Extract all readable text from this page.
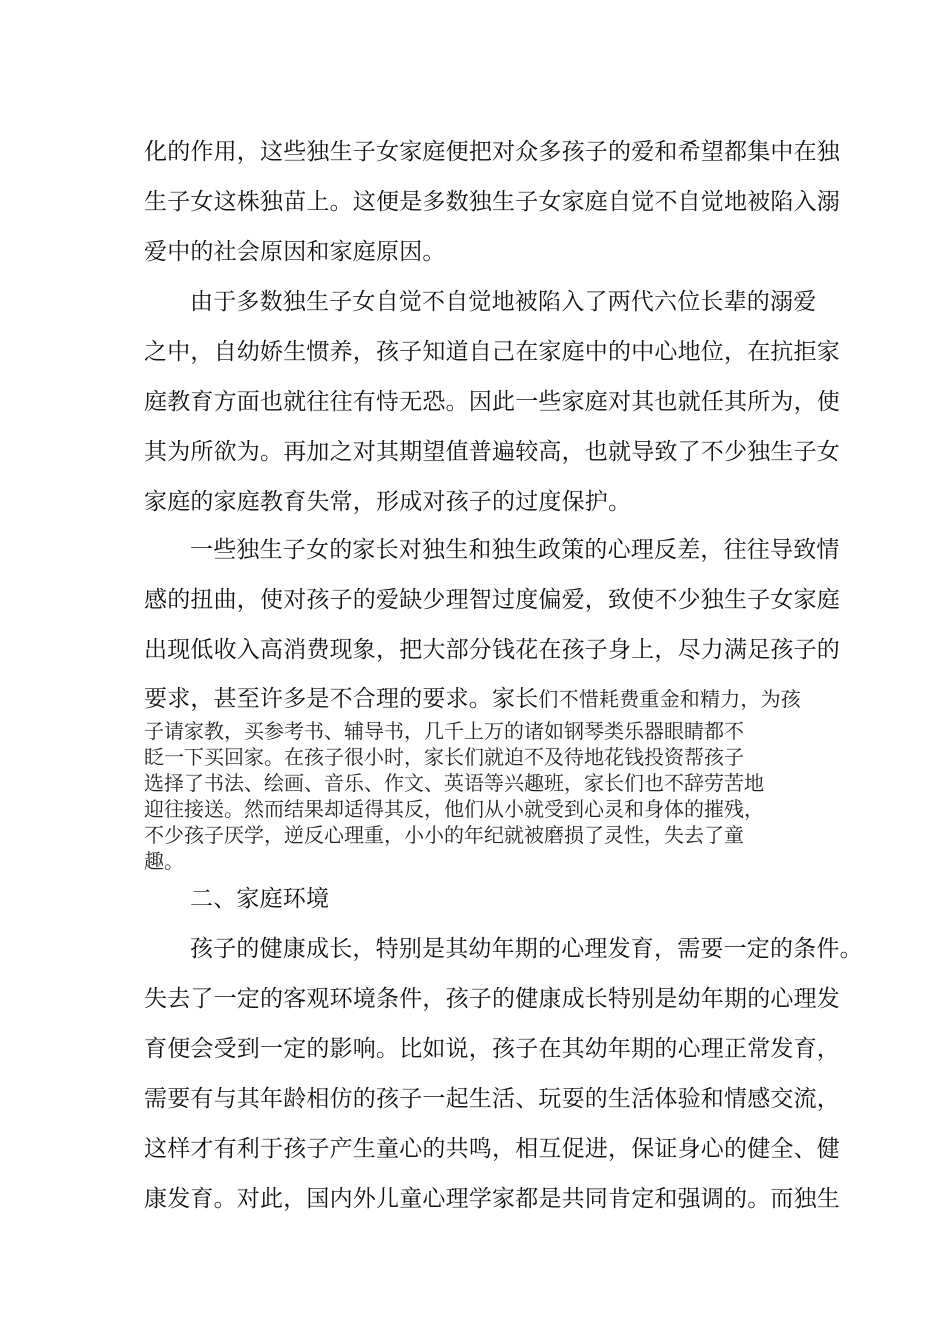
化的作用，这些独生子女家庭便把对众多孩子的爱和希望都集中在独
生子女这株独苗上。这便是多数独生子女家庭自觉不自觉地被陷入溺
爱中的社会原因和家庭原因。
由于多数独生子女自觉不自觉地被陷入了两代六位长辈的溺爱
之中，自幼娇生惯养，孩子知道自己在家庭中的中心地位，在抗拒家
庭教育方面也就往往有恃无恐。因此一些家庭对其也就任其所为，使
其为所欲为。再加之对其期望值普遍较高，也就导致了不少独生子女
家庭的家庭教育失常，形成对孩子的过度保护。
一些独生子女的家长对独生和独生政策的心理反差，往往导致情
感的扭曲，使对孩子的爱缺少理智过度偏爱，致使不少独生子女家庭
出现低收入高消费现象，把大部分钱花在孩子身上，尽力满足孩子的
要求，甚至许多是不合理的要求。家长们不惜耗费重金和精力，为孩
子请家教，买参考书、辅导书，几千上万的诸如钢琴类乐器眼睛都不
眨一下买回家。在孩子很小时，家长们就迫不及待地花钱投资帮孩子
选择了书法、绘画、音乐、作文、英语等兴趣班，家长们也不辞劳苦地
迎往接送。然而结果却适得其反，他们从小就受到心灵和身体的摧残，
不少孩子厌学，逆反心理重，小小的年纪就被磨损了灵性，失去了童
趣。
二、家庭环境
孩子的健康成长，特别是其幼年期的心理发育，需要一定的条件。
失去了一定的客观环境条件，孩子的健康成长特别是幼年期的心理发
育便会受到一定的影响。比如说，孩子在其幼年期的心理正常发育，
需要有与其年龄相仿的孩子一起生活、玩耍的生活体验和情感交流，
这样才有利于孩子产生童心的共鸣，相互促进，保证身心的健全、健
康发育。对此，国内外儿童心理学家都是共同肯定和强调的。而独生
